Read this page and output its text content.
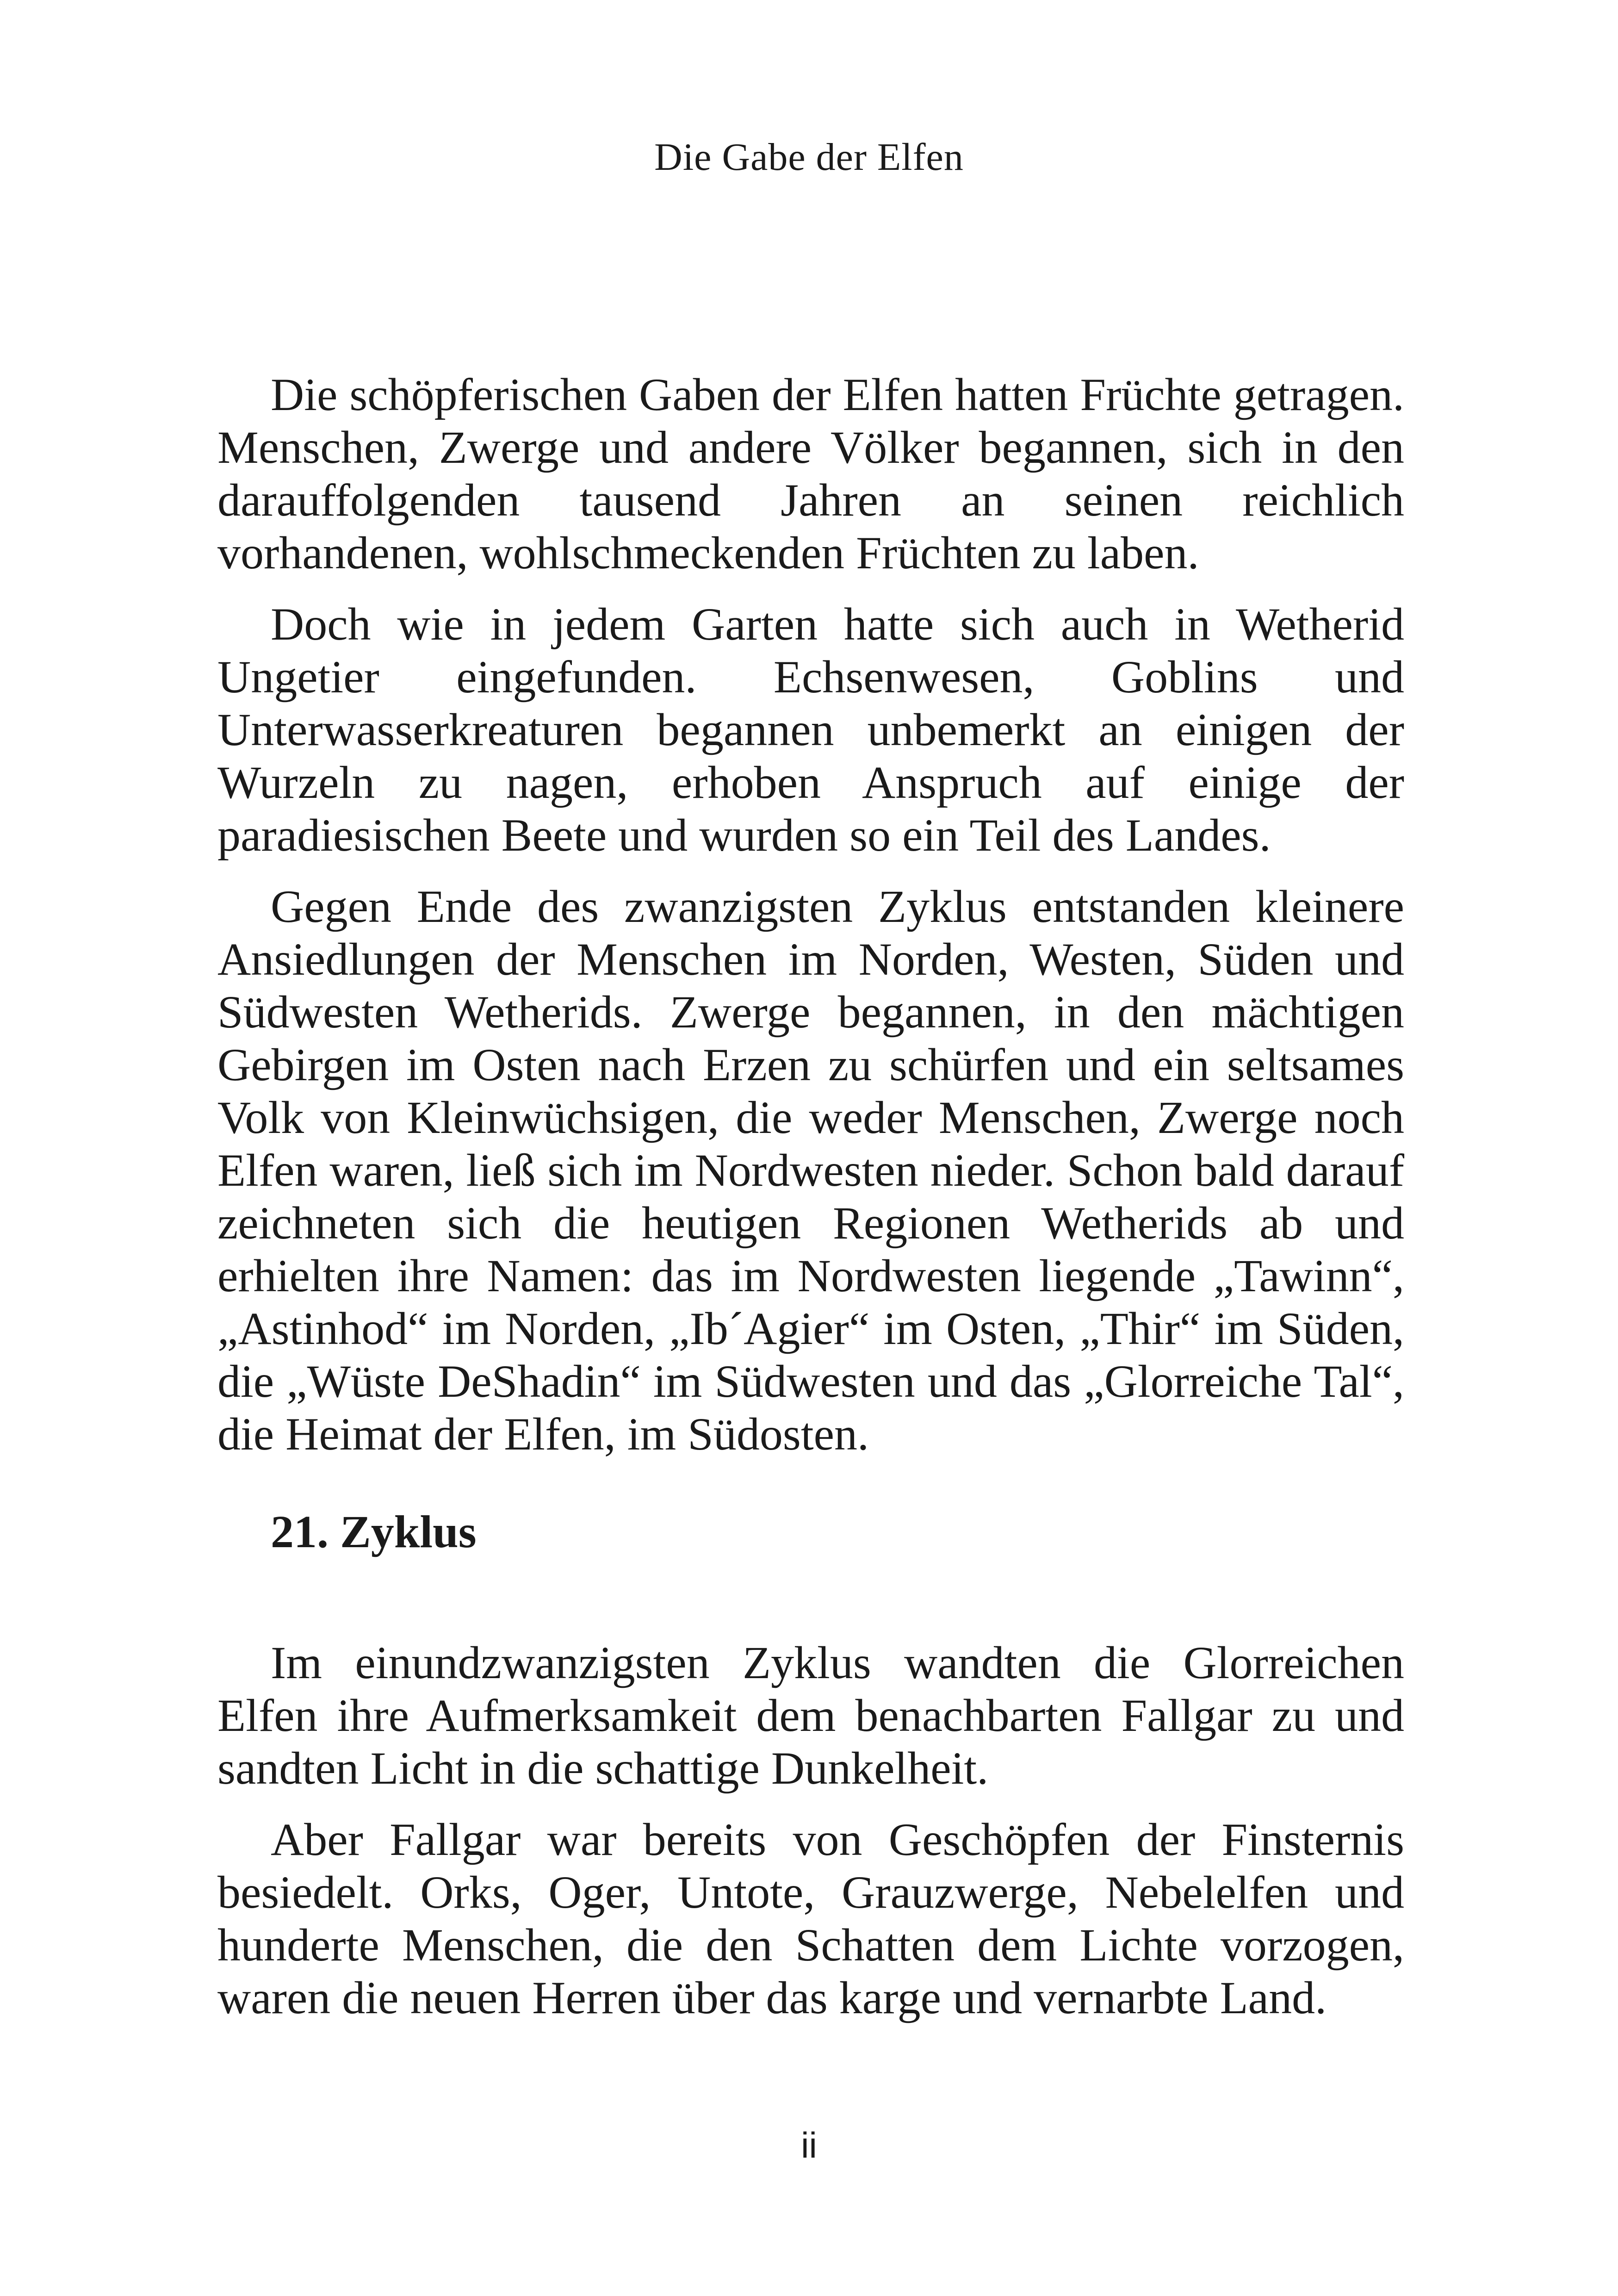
Die Gabe der Elfen

Die schöpferischen Gaben der Elfen hatten Früchte getragen. Menschen, Zwerge und andere Völker begannen, sich in den darauffolgenden tausend Jahren an seinen reichlich vorhandenen, wohlschmeckenden Früchten zu laben.

Doch wie in jedem Garten hatte sich auch in Wetherid Ungetier eingefunden. Echsenwesen, Goblins und Unterwasserkreaturen begannen unbemerkt an einigen der Wurzeln zu nagen, erhoben Anspruch auf einige der paradiesischen Beete und wurden so ein Teil des Landes.

Gegen Ende des zwanzigsten Zyklus entstanden kleinere Ansiedlungen der Menschen im Norden, Westen, Süden und Südwesten Wetherids. Zwerge begannen, in den mächtigen Gebirgen im Osten nach Erzen zu schürfen und ein seltsames Volk von Kleinwüchsigen, die weder Menschen, Zwerge noch Elfen waren, ließ sich im Nordwesten nieder. Schon bald darauf zeichneten sich die heutigen Regionen Wetherids ab und erhielten ihre Namen: das im Nordwesten liegende „Tawinn“, „Astinhod“ im Norden, „Ib´Agier“ im Osten, „Thir“ im Süden, die „Wüste DeShadin“ im Südwesten und das „Glorreiche Tal“, die Heimat der Elfen, im Südosten.

21. Zyklus

Im einundzwanzigsten Zyklus wandten die Glorreichen Elfen ihre Aufmerksamkeit dem benachbarten Fallgar zu und sandten Licht in die schattige Dunkelheit.

Aber Fallgar war bereits von Geschöpfen der Finsternis besiedelt. Orks, Oger, Untote, Grauzwerge, Nebelelfen und hunderte Menschen, die den Schatten dem Lichte vorzogen, waren die neuen Herren über das karge und vernarbte Land.

ii
